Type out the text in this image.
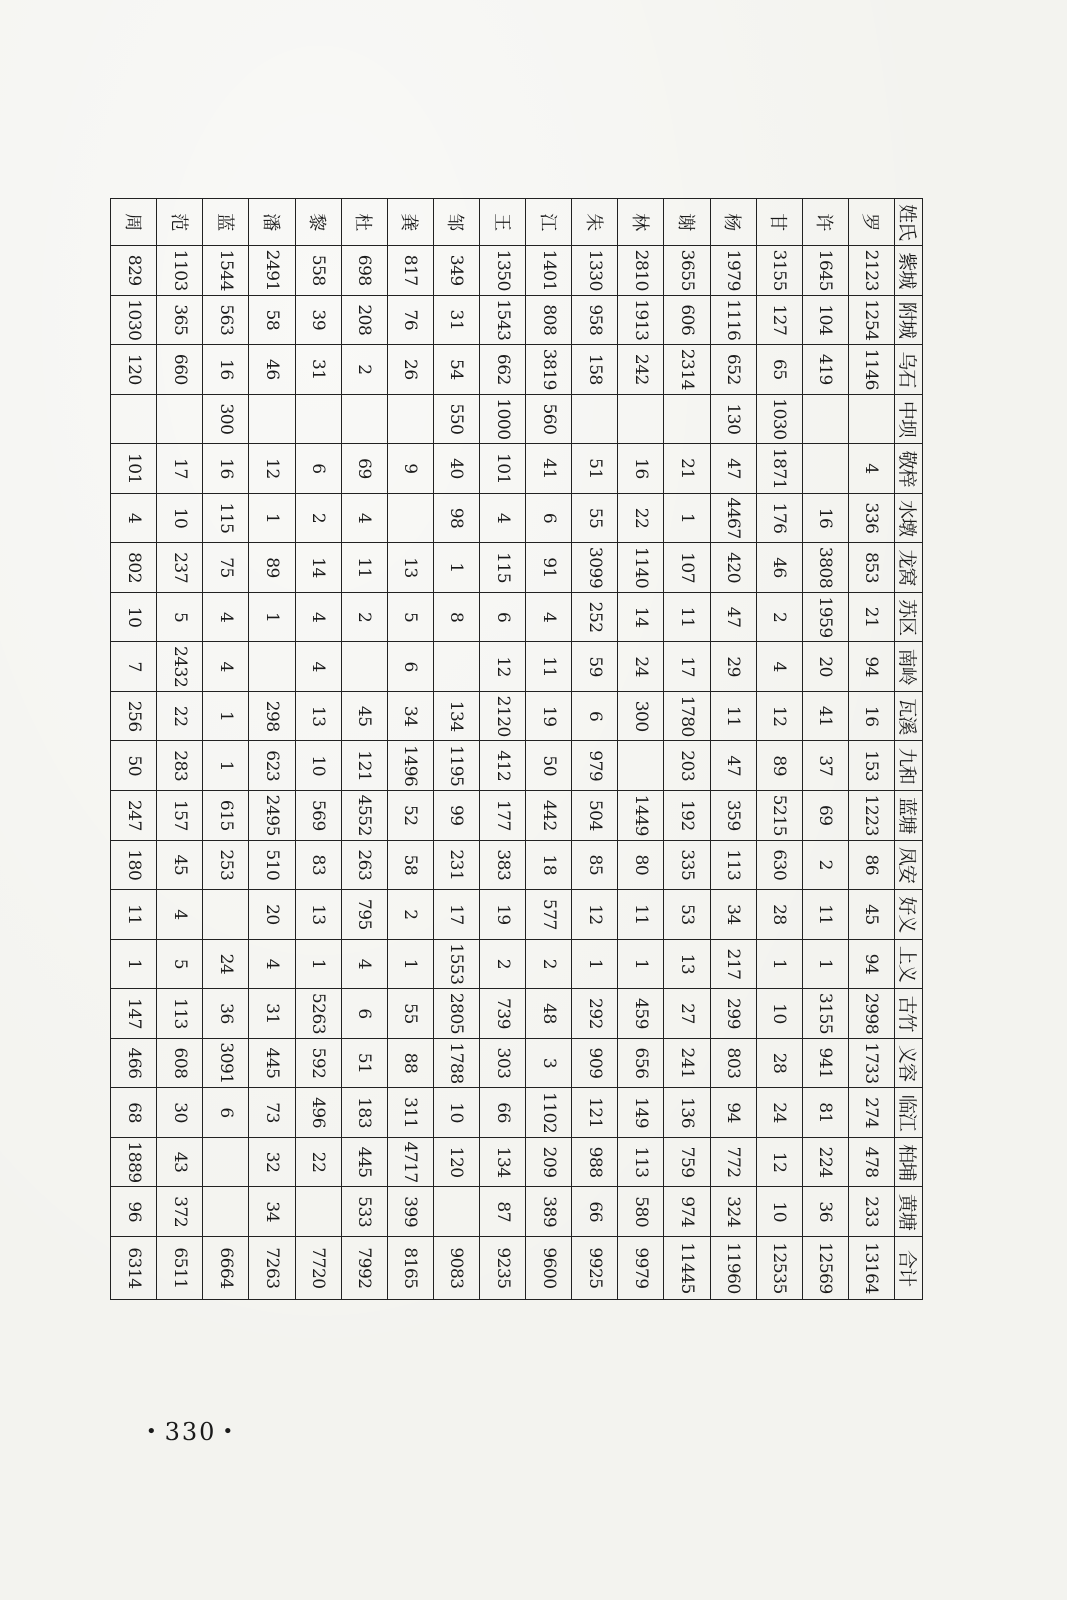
姓氏	紫城	附城	乌石	中坝	敬梓	水墩	龙窝	苏区	南岭	瓦溪	九和	蓝塘	凤安	好义	上义	古竹	义容	临江	柏埔	黄塘	合计
罗	2123	1254	1146		4	336	853	21	94	16	153	1223	86	45	94	2998	1733	274	478	233	13164
许	1645	104	419			16	3808	1959	20	41	37	69	2	11	1	3155	941	81	224	36	12569
甘	3155	127	65	1030	1871	176	46	2	4	12	89	5215	630	28	1	10	28	24	12	10	12535
杨	1979	1116	652	130	47	4467	420	47	29	11	47	359	113	34	217	299	803	94	772	324	11960
谢	3655	606	2314		21	1	107	11	17	1780	203	192	335	53	13	27	241	136	759	974	11445
林	2810	1913	242		16	22	1140	14	24	300		1449	80	11	1	459	656	149	113	580	9979
朱	1330	958	158		51	55	3099	252	59	6	979	504	85	12	1	292	909	121	988	66	9925
江	1401	808	3819	560	41	6	91	4	11	19	50	442	18	577	2	48	3	1102	209	389	9600
王	1350	1543	662	1000	101	4	115	6	12	2120	412	177	383	19	2	739	303	66	134	87	9235
邹	349	31	54	550	40	98	1	8		134	1195	99	231	17	1553	2805	1788	10	120		9083
龚	817	76	26		9		13	5	6	34	1496	52	58	2	1	55	88	311	4717	399	8165
杜	698	208	2		69	4	11	2		45	121	4552	263	795	4	6	51	183	445	533	7992
黎	558	39	31		6	2	14	4	4	13	10	569	83	13	1	5263	592	496	22		7720
潘	2491	58	46		12	1	89	1		298	623	2495	510	20	4	31	445	73	32	34	7263
蓝	1544	563	16	300	16	115	75	4	4	1	1	615	253		24	36	3091	6			6664
范	1103	365	660		17	10	237	5	2432	22	283	157	45	4	5	113	608	30	43	372	6511
周	829	1030	120		101	4	802	10	7	256	50	247	180	11	1	147	466	68	1889	96	6314
• 330 •
